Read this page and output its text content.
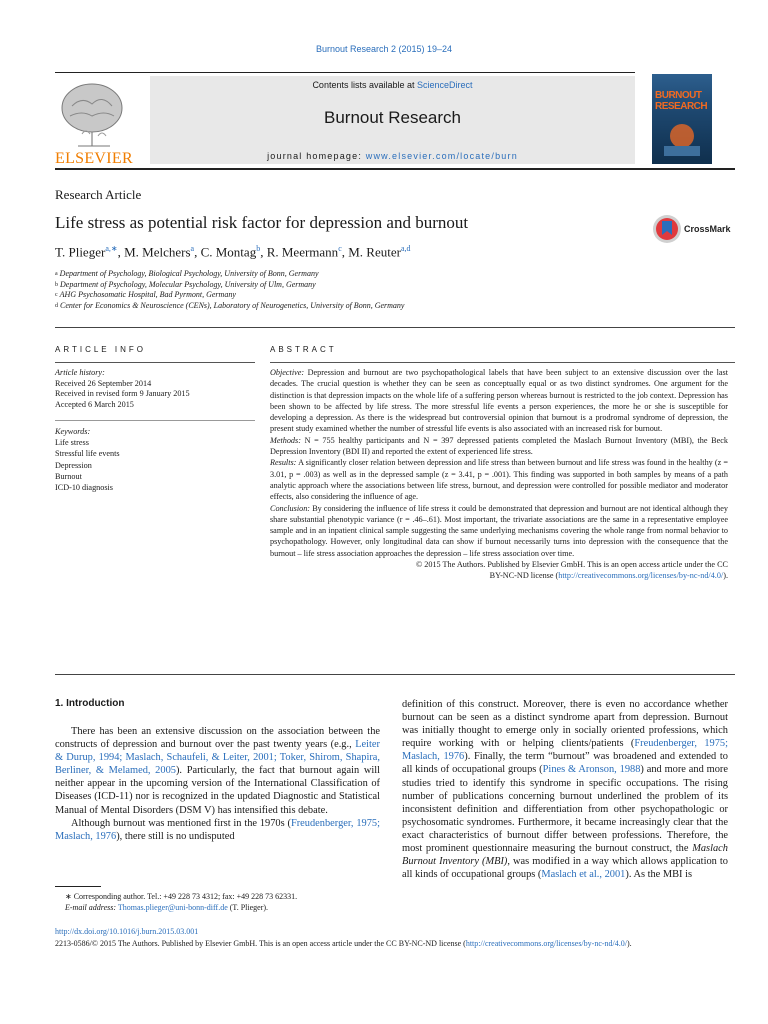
Burnout Research 2 (2015) 19–24
ELSEVIER
Contents lists available at ScienceDirect
Burnout Research
journal homepage: www.elsevier.com/locate/burn
BURNOUT
RESEARCH
Research Article
Life stress as potential risk factor for depression and burnout	CrossMark
T. Plieger$^{a,∗}$, M. Melchers$^a$, C. Montag$^b$, R. Meermann$^c$, M. Reuter$^{a,d}$
$^a$ Department of Psychology, Biological Psychology, University of Bonn, Germany
$^b$ Department of Psychology, Molecular Psychology, University of Ulm, Germany
$^c$ AHG Psychosomatic Hospital, Bad Pyrmont, Germany
$^d$ Center for Economics & Neuroscience (CENs), Laboratory of Neurogenetics, University of Bonn, Germany
ARTICLE INFO	ABSTRACT
Article history:
Received 26 September 2014
Received in revised form 9 January 2015
Accepted 6 March 2015
Keywords:
Life stress
Stressful life events
Depression
Burnout
ICD-10 diagnosis

Objective: Depression and burnout are two psychopathological labels that have been subject to an extensive discussion over the last decades. The crucial question is whether they can be seen as conceptually equal or as two distinct syndromes. One argument for the distinction is that depression impacts on the whole life of a suffering person whereas burnout is restricted to the job context. Depression has been shown to be affected by life stress. The more stressful life events a person experiences, the more he or she is susceptible for developing a depression. As there is the widespread but controversial opinion that burnout is a prodromal syndrome of depression, the present study examined whether the number of stressful life events is also associated with an increased risk for burnout.

Methods: N = 755 healthy participants and N = 397 depressed patients completed the Maslach Burnout Inventory (MBI), the Beck Depression Inventory (BDI II) and reported the extent of experienced life stress.

Results: A significantly closer relation between depression and life stress than between burnout and life stress was found in the healthy (z = 3.01, p = .003) as well as in the depressed sample (z = 3.41, p = .001). This finding was supported in both samples by means of a path analytic approach where the associations between life stress, burnout, and depression were controlled for possible mediator and moderator effects, also considering the influence of age.

Conclusion: By considering the influence of life stress it could be demonstrated that depression and burnout are not identical although they share substantial phenotypic variance (r = .46–.61). Most important, the trivariate associations are the same in a representative employee sample and in an inpatient clinical sample suggesting the same underlying mechanisms covering the whole range from normal behavior to psychopathology. However, only longitudinal data can show if burnout necessarily turns into depression with the consequence that the burnout – life stress association approaches the depression – life stress association over time.

© 2015 The Authors. Published by Elsevier GmbH. This is an open access article under the CC
BY-NC-ND license (http://creativecommons.org/licenses/by-nc-nd/4.0/).

1. Introduction

There has been an extensive discussion on the association between the constructs of depression and burnout over the past twenty years (e.g., Leiter & Durup, 1994; Maslach, Schaufeli, & Leiter, 2001; Toker, Shirom, Shapira, Berliner, & Melamed, 2005). Particularly, the fact that burnout again will neither appear in the upcoming version of the International Classification of Diseases (ICD-11) nor is recognized in the updated Diagnostic and Statistical Manual of Mental Disorders (DSM V) has intensified this debate.

Although burnout was mentioned first in the 1970s (Freudenberger, 1975; Maslach, 1976), there still is no undisputed

definition of this construct. Moreover, there is even no accordance whether burnout can be seen as a distinct syndrome apart from depression. Burnout was initially thought to emerge only in socially oriented professions, which require working with or helping clients/patients (Freudenberger, 1975; Maslach, 1976). Finally, the term “burnout” was broadened and extended to all kinds of occupational groups (Pines & Aronson, 1988) and more and more studies tried to identify this syndrome in specific occupations. The rising number of publications concerning burnout underlined the problem of its inconsistent definition and differentiation from other psychopathologic or psychosomatic syndromes. Furthermore, it became increasingly clear that the exact characteristics of burnout differ between professions. Therefore, the most prominent questionnaire measuring the burnout construct, the Maslach Burnout Inventory (MBI), was modified in a way which allows application to all kinds of occupational groups (Maslach et al., 2001). As the MBI is

∗ Corresponding author. Tel.: +49 228 73 4312; fax: +49 228 73 62331.
E-mail address: Thomas.plieger@uni-bonn-diff.de (T. Plieger).
http://dx.doi.org/10.1016/j.burn.2015.03.001
2213-0586/© 2015 The Authors. Published by Elsevier GmbH. This is an open access article under the CC BY-NC-ND license (http://creativecommons.org/licenses/by-nc-nd/4.0/).
